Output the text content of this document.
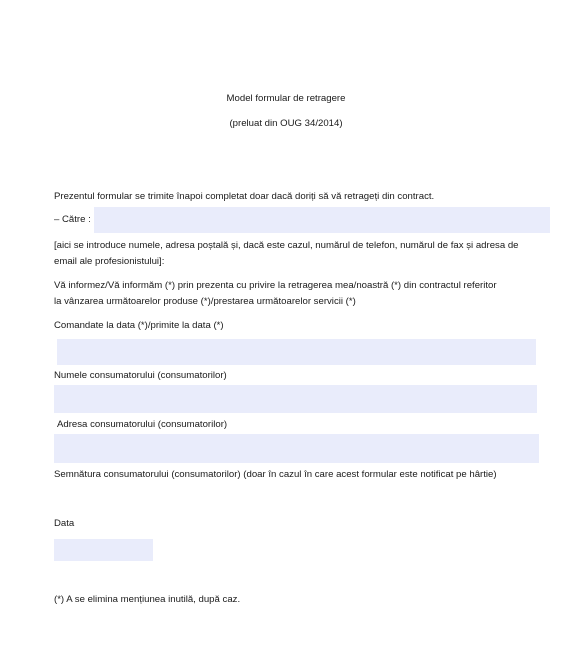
Model formular de retragere
(preluat din OUG 34/2014)
Prezentul formular se trimite înapoi completat doar dacă doriți să vă retrageți din contract.
– Către :
[aici se introduce numele, adresa poștală și, dacă este cazul, numărul de telefon, numărul de fax și adresa de
email ale profesionistului]:
Vă informez/Vă informăm (*) prin prezenta cu privire la retragerea mea/noastră (*) din contractul referitor
la vânzarea următoarelor produse (*)/prestarea următoarelor servicii (*)
Comandate la data (*)/primite la data (*)
Numele consumatorului (consumatorilor)
Adresa consumatorului (consumatorilor)
Semnătura consumatorului (consumatorilor) (doar în cazul în care acest formular este notificat pe hârtie)
Data
(*) A se elimina mențiunea inutilă, după caz.
